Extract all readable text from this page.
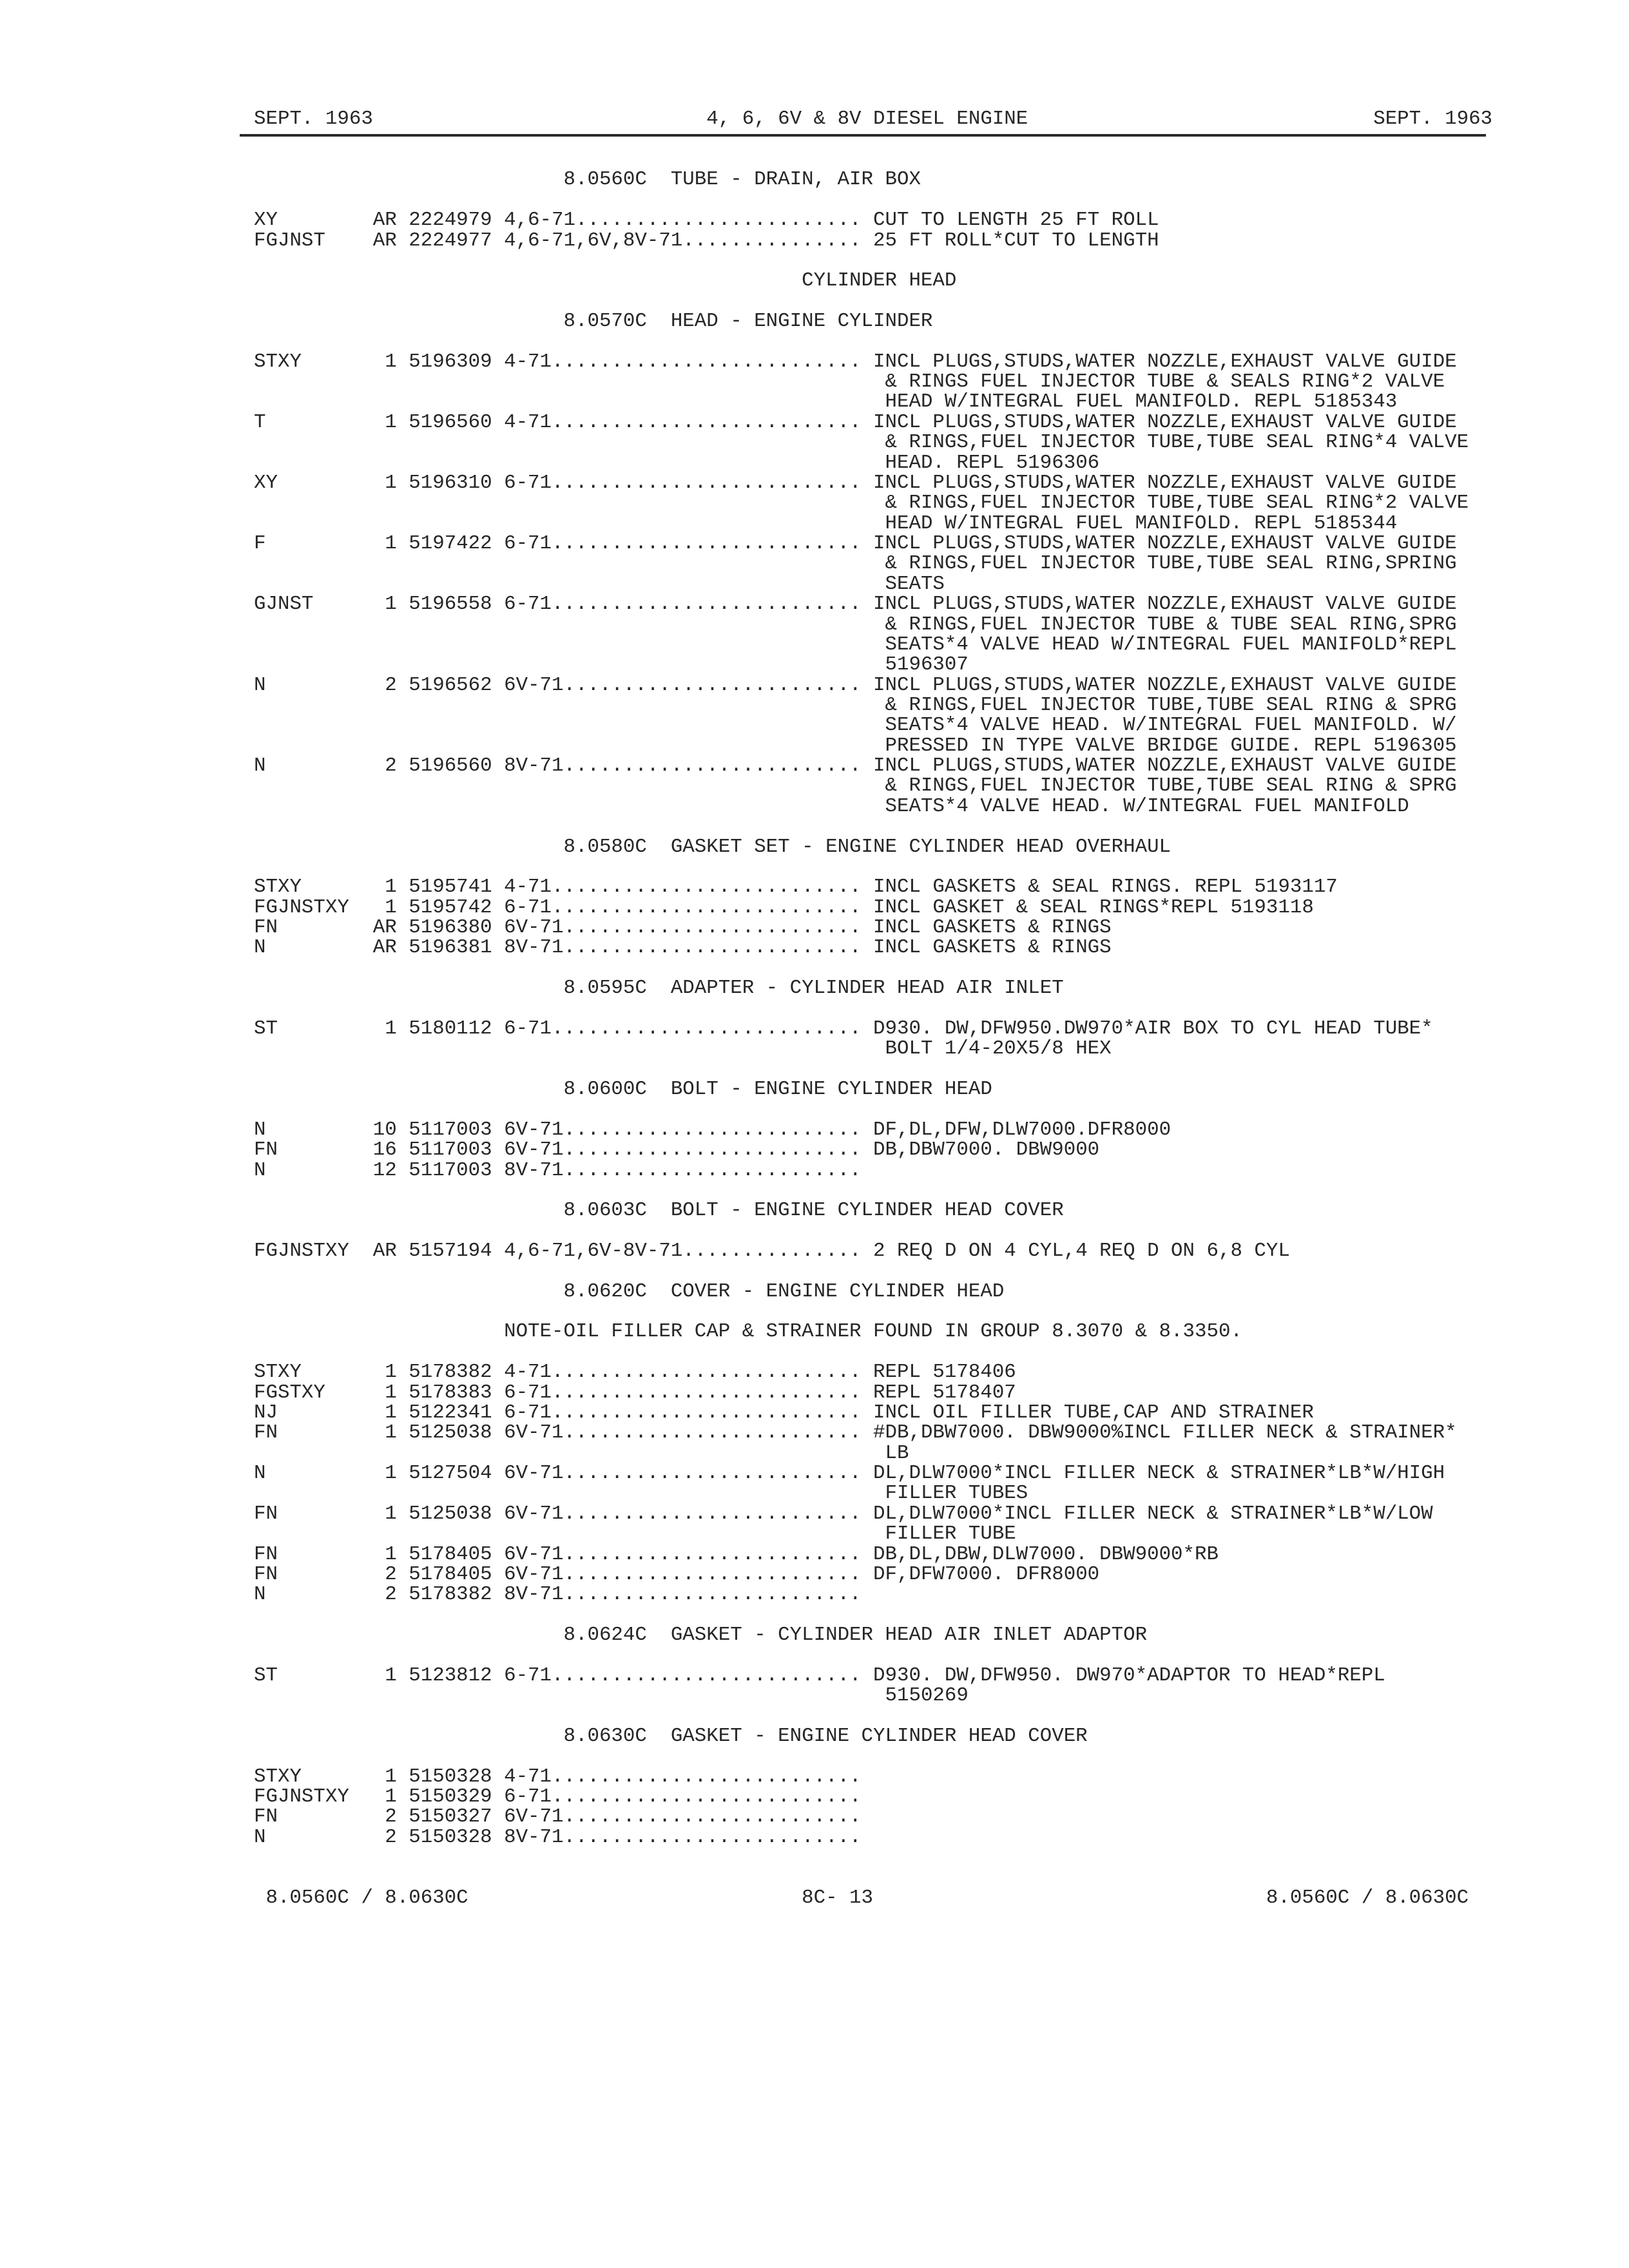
SEPT. 1963

	4, 6, 6V & 8V DIESEL ENGINE

	SEPT. 1963

8.0560C TUBE - DRAIN, AIR BOX
XY	AR 2224979 4,6-71 ........................ CUT TO LENGTH 25 FT ROLL
FGJNST AR 2224977 4,6-71,6V,8V-71 ............... 25 FT ROLL*CUT TO LENGTH
CYLINDER HEAD
8.0570C HEAD - ENGINE CYLINDER
STXY	1 5196309 4-71 .......................... INCL PLUGS,STUDS,WATER NOZZLE,EXHAUST VALVE GUIDE
& RINGS FUEL INJECTOR TUBE & SEALS RING*2 VALVE
HEAD W/INTEGRAL FUEL MANIFOLD. REPL 5185343
T	1 5196560 4-71 .......................... INCL PLUGS,STUDS,WATER NOZZLE,EXHAUST VALVE GUIDE
& RINGS,FUEL INJECTOR TUBE,TUBE SEAL RING*4 VALVE
HEAD. REPL 5196306
XY	1 5196310 6-71 .......................... INCL PLUGS,STUDS,WATER NOZZLE,EXHAUST VALVE GUIDE
& RINGS,FUEL INJECTOR TUBE,TUBE SEAL RING*2 VALVE
HEAD W/INTEGRAL FUEL MANIFOLD. REPL 5185344
F	1 5197422 6-71 .......................... INCL PLUGS,STUDS,WATER NOZZLE,EXHAUST VALVE GUIDE
& RINGS,FUEL INJECTOR TUBE,TUBE SEAL RING,SPRING
SEATS
GJNST	1 5196558 6-71 .......................... INCL PLUGS,STUDS,WATER NOZZLE,EXHAUST VALVE GUIDE
& RINGS,FUEL INJECTOR TUBE & TUBE SEAL RING,SPRG
SEATS*4 VALVE HEAD W/INTEGRAL FUEL MANIFOLD*REPL
5196307
N	2 5196562 6V-71 ......................... INCL PLUGS,STUDS,WATER NOZZLE,EXHAUST VALVE GUIDE
& RINGS,FUEL INJECTOR TUBE,TUBE SEAL RING & SPRG
SEATS*4 VALVE HEAD. W/INTEGRAL FUEL MANIFOLD. W/
PRESSED IN TYPE VALVE BRIDGE GUIDE. REPL 5196305
N	2 5196560 8V-71 ......................... INCL PLUGS,STUDS,WATER NOZZLE,EXHAUST VALVE GUIDE
& RINGS,FUEL INJECTOR TUBE,TUBE SEAL RING & SPRG
SEATS*4 VALVE HEAD. W/INTEGRAL FUEL MANIFOLD
8.0580C GASKET SET - ENGINE CYLINDER HEAD OVERHAUL
STXY	1 5195741 4-71 .......................... INCL GASKETS & SEAL RINGS. REPL 5193117
FGJNSTXY	1 5195742 6-71 .......................... INCL GASKET & SEAL RINGS*REPL 5193118
FN	AR 5196380 6V-71 ......................... INCL GASKETS & RINGS
N	AR 5196381 8V-71 ......................... INCL GASKETS & RINGS
8.0595C ADAPTER - CYLINDER HEAD AIR INLET
ST	1 5180112 6-71 .......................... D930. DW,DFW950.DW970*AIR BOX TO CYL HEAD TUBE*
BOLT 1/4-20X5/8 HEX
8.0600C BOLT - ENGINE CYLINDER HEAD
N	10 5117003 6V-71 ......................... DF,DL,DFW,DLW7000.DFR8000
FN	16 5117003 6V-71 ......................... DB,DBW7000. DBW9000
N	12 5117003 8V-71 .........................
8.0603C BOLT - ENGINE CYLINDER HEAD COVER
FGJNSTXY AR 5157194 4,6-71,6V-8V-71 ............... 2 REQ D ON 4 CYL,4 REQ D ON 6,8 CYL
8.0620C COVER - ENGINE CYLINDER HEAD
NOTE-OIL FILLER CAP & STRAINER FOUND IN GROUP 8.3070 & 8.3350.
STXY	1 5178382 4-71 .......................... REPL 5178406
FGSTXY	1 5178383 6-71 .......................... REPL 5178407
NJ	1 5122341 6-71 .......................... INCL OIL FILLER TUBE,CAP AND STRAINER
FN	1 5125038 6V-71 ......................... #DB,DBW7000. DBW9000%INCL FILLER NECK & STRAINER*
LB
N	1 5127504 6V-71 ......................... DL,DLW7000*INCL FILLER NECK & STRAINER*LB*W/HIGH
FILLER TUBES
FN	1 5125038 6V-71 ......................... DL,DLW7000*INCL FILLER NECK & STRAINER*LB*W/LOW
FILLER TUBE
FN	1 5178405 6V-71 ......................... DB,DL,DBW,DLW7000. DBW9000*RB
FN	2 5178405 6V-71 ......................... DF,DFW7000. DFR8000
N	2 5178382 8V-71 .........................
8.0624C GASKET - CYLINDER HEAD AIR INLET ADAPTOR
ST	1 5123812 6-71 .......................... D930. DW,DFW950. DW970*ADAPTOR TO HEAD*REPL
5150269
8.0630C GASKET - ENGINE CYLINDER HEAD COVER
STXY	1 5150328 4-71 ..........................
FGJNSTXY	1 5150329 6-71 ..........................
FN	2 5150327 6V-71 .........................
N	2 5150328 8V-71 .........................

8.0560C / 8.0630C

	8C- 13

	8.0560C / 8.0630C
